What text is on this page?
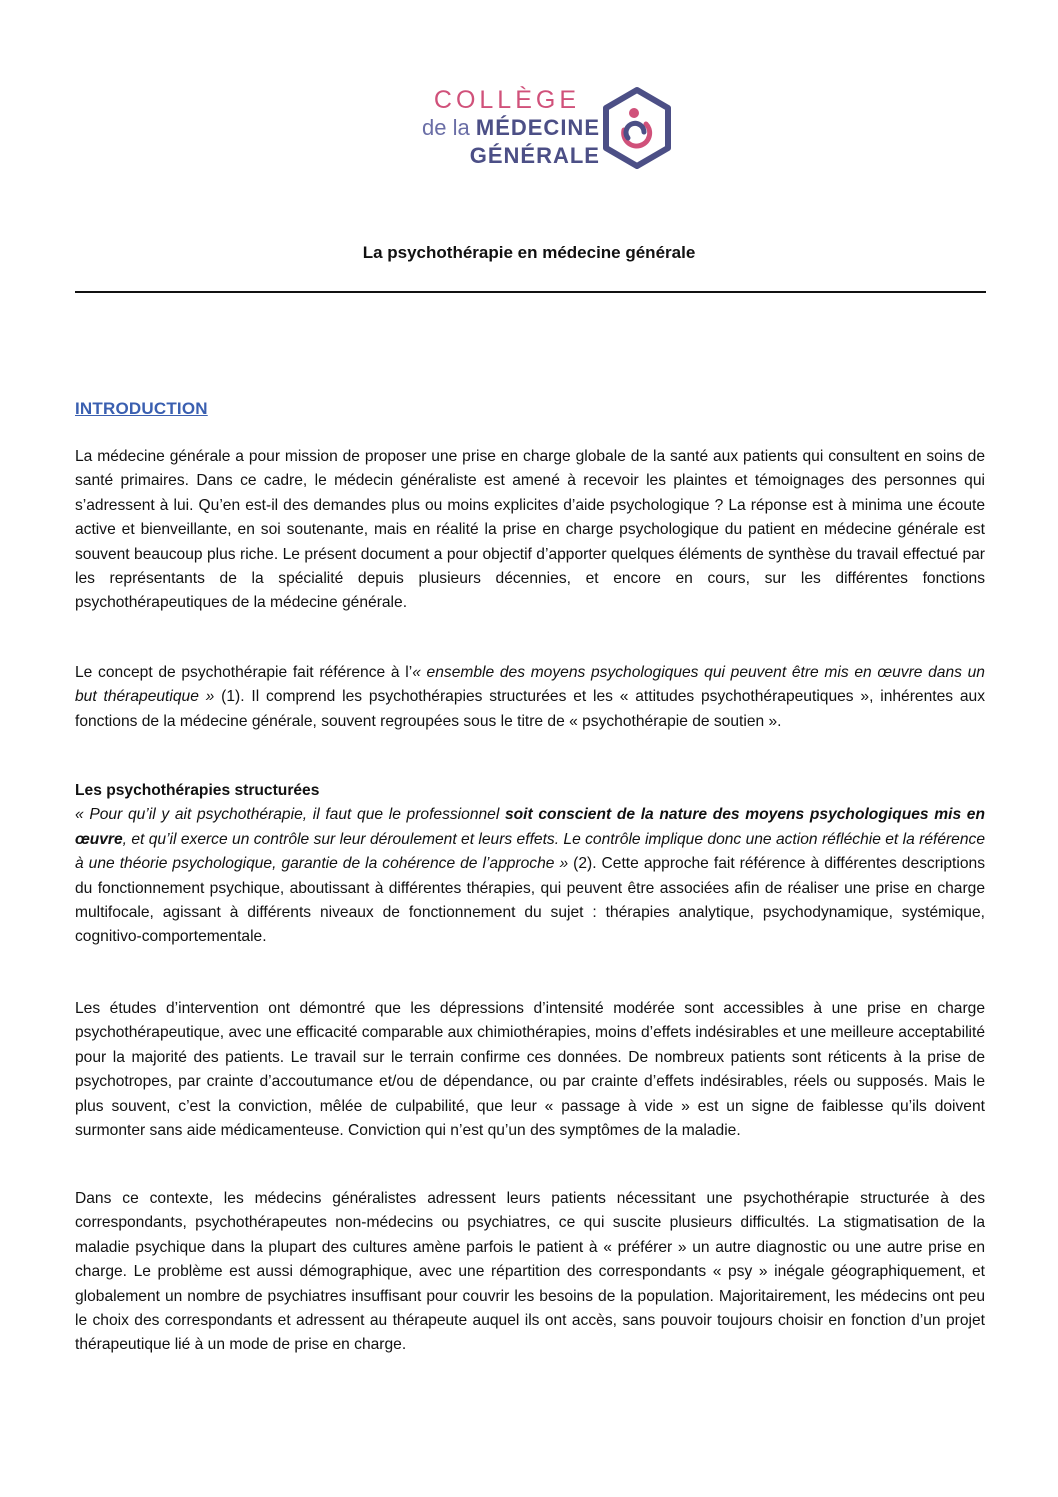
COLLÈGE
de la MÉDECINE
GÉNÉRALE
La psychothérapie en médecine générale
INTRODUCTION
La médecine générale a pour mission de proposer une prise en charge globale de la santé aux patients qui consultent en soins de santé primaires. Dans ce cadre, le médecin généraliste est amené à recevoir les plaintes et témoignages des personnes qui s’adressent à lui. Qu’en est-il des demandes plus ou moins explicites d’aide psychologique ? La réponse est à minima une écoute active et bienveillante, en soi soutenante, mais en réalité la prise en charge psychologique du patient en médecine générale est souvent beaucoup plus riche. Le présent document a pour objectif d’apporter quelques éléments de synthèse du travail effectué par les représentants de la spécialité depuis plusieurs décennies, et encore en cours, sur les différentes fonctions psychothérapeutiques de la médecine générale.
Le concept de psychothérapie fait référence à l’« ensemble des moyens psychologiques qui peuvent être mis en œuvre dans un but thérapeutique » (1). Il comprend les psychothérapies structurées et les « attitudes psychothérapeutiques », inhérentes aux fonctions de la médecine générale, souvent regroupées sous le titre de « psychothérapie de soutien ».
Les psychothérapies structurées
« Pour qu’il y ait psychothérapie, il faut que le professionnel soit conscient de la nature des moyens psychologiques mis en œuvre, et qu’il exerce un contrôle sur leur déroulement et leurs effets. Le contrôle implique donc une action réfléchie et la référence à une théorie psychologique, garantie de la cohérence de l’approche » (2). Cette approche fait référence à différentes descriptions du fonctionnement psychique, aboutissant à différentes thérapies, qui peuvent être associées afin de réaliser une prise en charge multifocale, agissant à différents niveaux de fonctionnement du sujet : thérapies analytique, psychodynamique, systémique, cognitivo-comportementale.
Les études d’intervention ont démontré que les dépressions d’intensité modérée sont accessibles à une prise en charge psychothérapeutique, avec une efficacité comparable aux chimiothérapies, moins d’effets indésirables et une meilleure acceptabilité pour la majorité des patients. Le travail sur le terrain confirme ces données. De nombreux patients sont réticents à la prise de psychotropes, par crainte d’accoutumance et/ou de dépendance, ou par crainte d’effets indésirables, réels ou supposés. Mais le plus souvent, c’est la conviction, mêlée de culpabilité, que leur « passage à vide » est un signe de faiblesse qu’ils doivent surmonter sans aide médicamenteuse. Conviction qui n’est qu’un des symptômes de la maladie.
Dans ce contexte, les médecins généralistes adressent leurs patients nécessitant une psychothérapie structurée à des correspondants, psychothérapeutes non-médecins ou psychiatres, ce qui suscite plusieurs difficultés. La stigmatisation de la maladie psychique dans la plupart des cultures amène parfois le patient à « préférer » un autre diagnostic ou une autre prise en charge. Le problème est aussi démographique, avec une répartition des correspondants « psy » inégale géographiquement, et globalement un nombre de psychiatres insuffisant pour couvrir les besoins de la population. Majoritairement, les médecins ont peu le choix des correspondants et adressent au thérapeute auquel ils ont accès, sans pouvoir toujours choisir en fonction d’un projet thérapeutique lié à un mode de prise en charge.
